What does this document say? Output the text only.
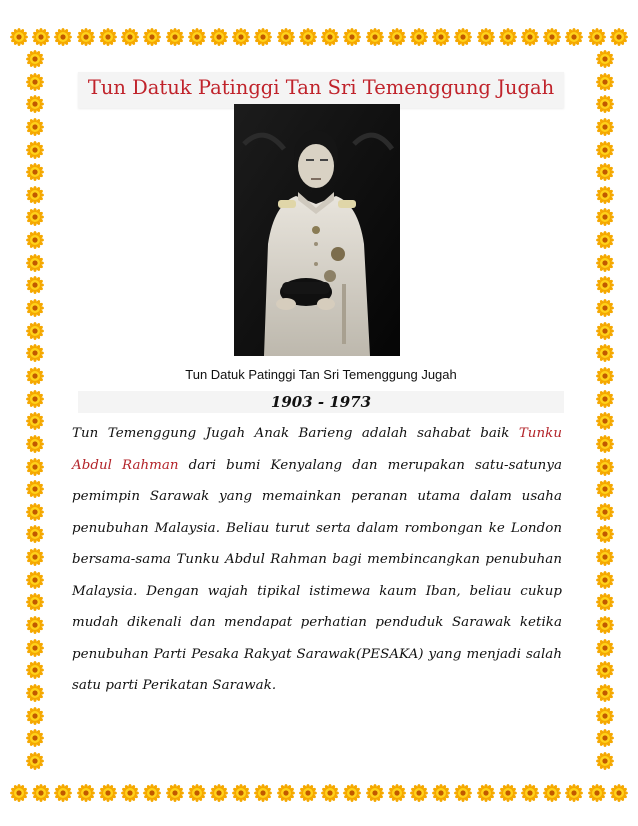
Tun Datuk Patinggi Tan Sri Temenggung Jugah
Tun Datuk Patinggi Tan Sri Temenggung Jugah
1903 - 1973
Tun Temenggung Jugah Anak Barieng adalah sahabat baik Tunku Abdul Rahman dari bumi Kenyalang dan merupakan satu-satunya pemimpin Sarawak yang memainkan peranan utama dalam usaha penubuhan Malaysia. Beliau turut serta dalam rombongan ke London bersama-sama Tunku Abdul Rahman bagi membincangkan penubuhan Malaysia. Dengan wajah tipikal istimewa kaum Iban, beliau cukup mudah dikenali dan mendapat perhatian penduduk Sarawak ketika penubuhan Parti Pesaka Rakyat Sarawak(PESAKA) yang menjadi salah satu parti Perikatan Sarawak.
